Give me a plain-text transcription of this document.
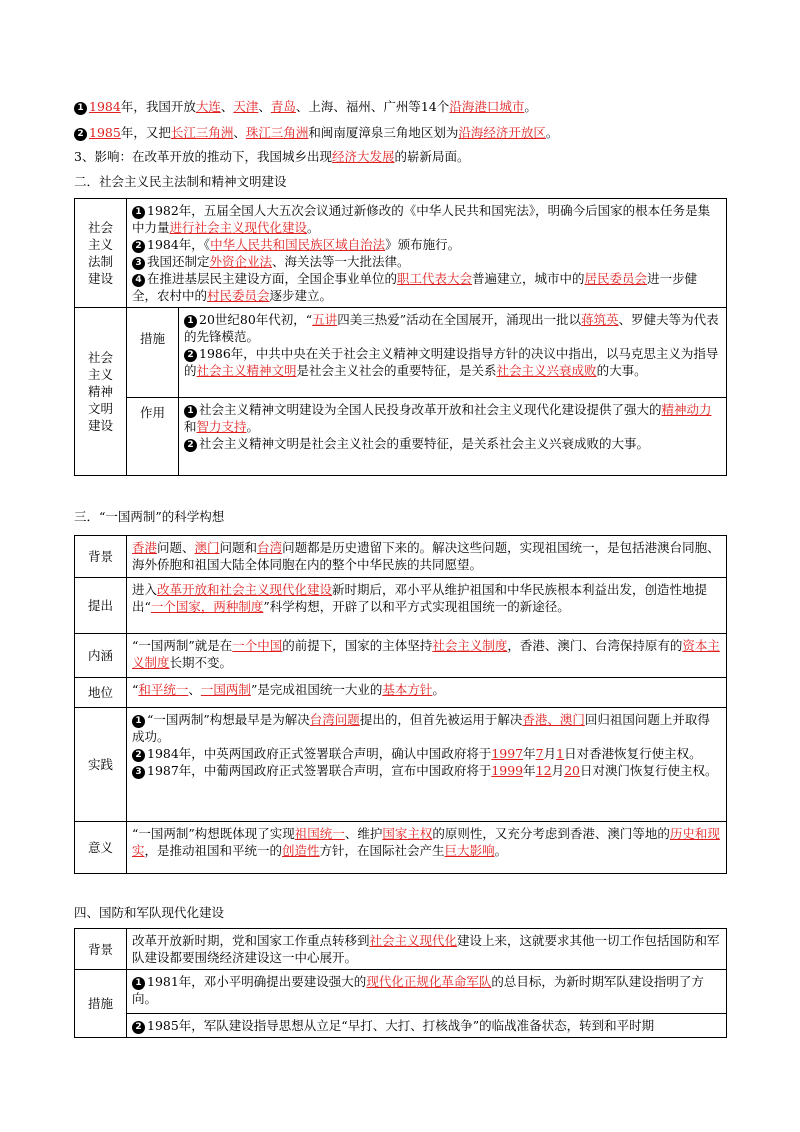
1 1984年，我国开放大连、天津、青岛、上海、福州、广州等14个沿海港口城市。
2 1985年，又把长江三角洲、珠江三角洲和闽南厦漳泉三角地区划为沿海经济开放区。
3、影响：在改革开放的推动下，我国城乡出现经济大发展的崭新局面。
二．社会主义民主法制和精神文明建设
社会主义法制建设	1 1982年，五届全国人大五次会议通过新修改的《中华人民共和国宪法》，明确今后国家的根本任务是集中力量进行社会主义现代化建设。
2 1984年，《中华人民共和国民族区域自治法》颁布施行。
3 我国还制定外资企业法、海关法等一大批法律。
4 在推进基层民主建设方面，全国企事业单位的职工代表大会普遍建立，城市中的居民委员会进一步健全，农村中的村民委员会逐步建立。	

社会主义精神文明建设	措施	1 20世纪80年代初，“五讲四美三热爱”活动在全国展开，涌现出一批以蒋筑英、罗健夫等为代表的先锋模范。
2 1986年，中共中央在关于社会主义精神文明建设指导方针的决议中指出，以马克思主义为指导的社会主义精神文明是社会主义社会的重要特征，是关系社会主义兴衰成败的大事。

	作用	1 社会主义精神文明建设为全国人民投身改革开放和社会主义现代化建设提供了强大的精神动力和智力支持。
2 社会主义精神文明是社会主义社会的重要特征，是关系社会主义兴衰成败的大事。
三．“一国两制”的科学构想
背景	香港问题、澳门问题和台湾问题都是历史遗留下来的。解决这些问题，实现祖国统一，是包括港澳台同胞、海外侨胞和祖国大陆全体同胞在内的整个中华民族的共同愿望。

提出	进入改革开放和社会主义现代化建设新时期后，邓小平从维护祖国和中华民族根本利益出发，创造性地提出“一个国家，两种制度”科学构想，开辟了以和平方式实现祖国统一的新途径。

内涵	“一国两制”就是在一个中国的前提下，国家的主体坚持社会主义制度，香港、澳门、台湾保持原有的资本主义制度长期不变。

地位	“和平统一、一国两制”是完成祖国统一大业的基本方针。

实践	1 “一国两制”构想最早是为解决台湾问题提出的，但首先被运用于解决香港、澳门回归祖国问题上并取得成功。
2 1984年，中英两国政府正式签署联合声明，确认中国政府将于1997年7月1日对香港恢复行使主权。
3 1987年，中葡两国政府正式签署联合声明，宣布中国政府将于1999年12月20日对澳门恢复行使主权。

意义	“一国两制”构想既体现了实现祖国统一、维护国家主权的原则性，又充分考虑到香港、澳门等地的历史和现实，是推动祖国和平统一的创造性方针，在国际社会产生巨大影响。
四、国防和军队现代化建设
背景	改革开放新时期，党和国家工作重点转移到社会主义现代化建设上来，这就要求其他一切工作包括国防和军队建设都要围绕经济建设这一中心展开。

措施	1 1981年，邓小平明确提出要建设强大的现代化正规化革命军队的总目标，为新时期军队建设指明了方向。

	2 1985年，军队建设指导思想从立足“早打、大打、打核战争”的临战准备状态，转到和平时期
